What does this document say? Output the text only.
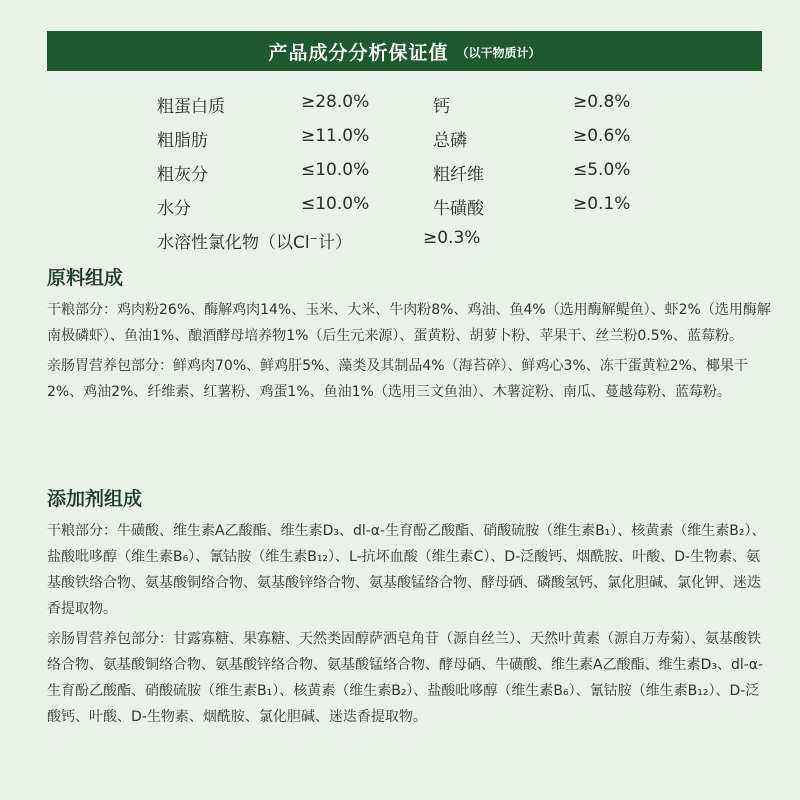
产品成分分析保证值 （以干物质计）
粗蛋白质	≥28.0%	钙	≥0.8%
粗脂肪	≥11.0%	总磷	≥0.6%
粗灰分	≤10.0%	粗纤维	≤5.0%
水分	≤10.0%	牛磺酸	≥0.1%
水溶性氯化物（以Cl−计）	≥0.3%
原料组成

干粮部分：鸡肉粉26%、酶解鸡肉14%、玉米、大米、牛肉粉8%、鸡油、鱼4%（选用酶解鳀鱼）、虾2%（选用酶解南极磷虾）、鱼油1%、酿酒酵母培养物1%（后生元来源）、蛋黄粉、胡萝卜粉、苹果干、丝兰粉0.5%、蓝莓粉。

亲肠胃营养包部分：鲜鸡肉70%、鲜鸡肝5%、藻类及其制品4%（海苔碎）、鲜鸡心3%、冻干蛋黄粒2%、椰果干2%、鸡油2%、纤维素、红薯粉、鸡蛋1%、鱼油1%（选用三文鱼油）、木薯淀粉、南瓜、蔓越莓粉、蓝莓粉。

添加剂组成

干粮部分：牛磺酸、维生素A乙酸酯、维生素D₃、dl-α-生育酚乙酸酯、硝酸硫胺（维生素B₁）、核黄素（维生素B₂）、盐酸吡哆醇（维生素B₆）、氰钴胺（维生素B₁₂）、L-抗坏血酸（维生素C）、D-泛酸钙、烟酰胺、叶酸、D-生物素、氨基酸铁络合物、氨基酸铜络合物、氨基酸锌络合物、氨基酸锰络合物、酵母硒、磷酸氢钙、氯化胆碱、氯化钾、迷迭香提取物。

亲肠胃营养包部分：甘露寡糖、果寡糖、天然类固醇萨洒皂角苷（源自丝兰）、天然叶黄素（源自万寿菊）、氨基酸铁络合物、氨基酸铜络合物、氨基酸锌络合物、氨基酸锰络合物、酵母硒、牛磺酸、维生素A乙酸酯、维生素D₃、dl-α-生育酚乙酸酯、硝酸硫胺（维生素B₁）、核黄素（维生素B₂）、盐酸吡哆醇（维生素B₆）、氰钴胺（维生素B₁₂）、D-泛酸钙、叶酸、D-生物素、烟酰胺、氯化胆碱、迷迭香提取物。
